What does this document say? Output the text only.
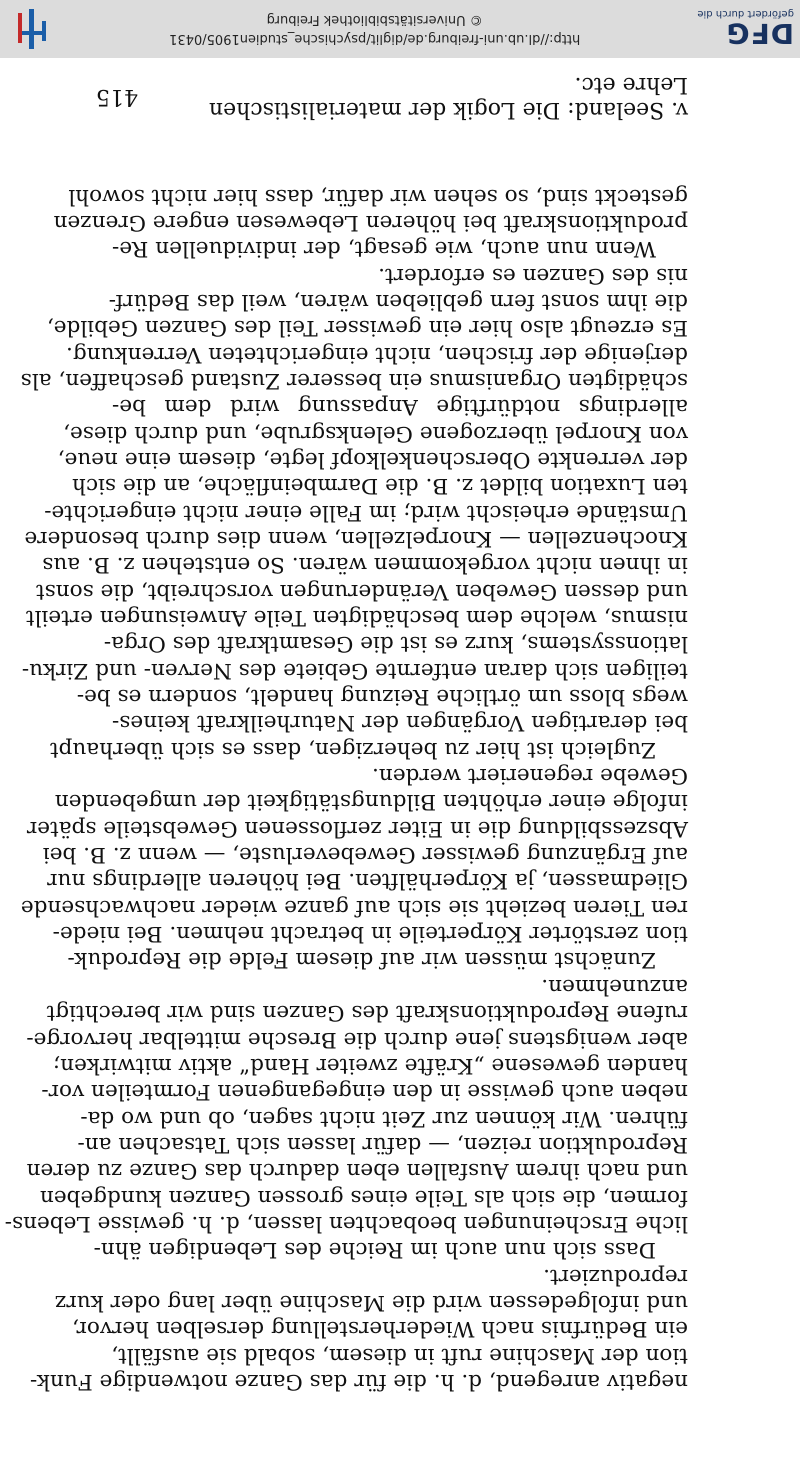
v. Seeland: Die Logik der materialistischen Lehre etc.
415
negativ anregend, d. h. die für das Ganze notwendige Funk-
tion der Maschine ruft in diesem, sobald sie ausfällt,
ein Bedürfnis nach Wiederherstellung derselben hervor,
und infolgedessen wird die Maschine über lang oder kurz
reproduziert.
Dass sich nun auch im Reiche des Lebendigen ähn-
liche Erscheinungen beobachten lassen, d. h. gewisse Lebens-
formen, die sich als Teile eines grossen Ganzen kundgeben
und nach ihrem Ausfallen eben dadurch das Ganze zu deren
Reproduktion reizen, — dafür lassen sich Tatsachen an-
führen. Wir können zur Zeit nicht sagen, ob und wo da-
neben auch gewisse in den eingegangenen Formteilen vor-
handen gewesene „Kräfte zweiter Hand“ aktiv mitwirken;
aber wenigstens jene durch die Bresche mittelbar hervorge-
rufene Reproduktionskraft des Ganzen sind wir berechtigt
anzunehmen.
Zunächst müssen wir auf diesem Felde die Reproduk-
tion zerstörter Körperteile in betracht nehmen. Bei niede-
ren Tieren bezieht sie sich auf ganze wieder nachwachsende
Gliedmassen, ja Körperhälften. Bei höheren allerdings nur
auf Ergänzung gewisser Gewebeverluste, — wenn z. B. bei
Abszessbildung die in Eiter zerflossenen Gewebsteile später
infolge einer erhöhten Bildungstätigkeit der umgebenden
Gewebe regeneriert werden.
Zugleich ist hier zu beherzigen, dass es sich überhaupt
bei derartigen Vorgängen der Naturheilkraft keines-
wegs bloss um örtliche Reizung handelt, sondern es be-
teiligen sich daran entfernte Gebiete des Nerven- und Zirku-
lationssystems, kurz es ist die Gesamtkraft des Orga-
nismus, welche dem beschädigten Teile Anweisungen erteilt
und dessen Geweben Veränderungen vorschreibt, die sonst
in ihnen nicht vorgekommen wären. So entstehen z. B. aus
Knochenzellen — Knorpelzellen, wenn dies durch besondere
Umstände erheischt wird; im Falle einer nicht eingerichte-
ten Luxation bildet z. B. die Darmbeinfläche, an die sich
der verrenkte Oberschenkelkopf legte, diesem eine neue,
von Knorpel überzogene Gelenksgrube, und durch diese,
allerdings notdürftige Anpassung wird dem be-
schädigten Organismus ein besserer Zustand geschaffen, als
derjenige der frischen, nicht eingerichteten Verrenkung.
Es erzeugt also hier ein gewisser Teil des Ganzen Gebilde,
die ihm sonst fern geblieben wären, weil das Bedürf-
nis des Ganzen es erfordert.
Wenn nun auch, wie gesagt, der individuellen Re-
produktionskraft bei höheren Lebewesen engere Grenzen
gesteckt sind, so sehen wir dafür, dass hier nicht sowohl
DFG
gefördert durch die
http://dl.ub.uni-freiburg.de/diglit/psychische_studien1905/0431
© Universitätsbibliothek Freiburg
